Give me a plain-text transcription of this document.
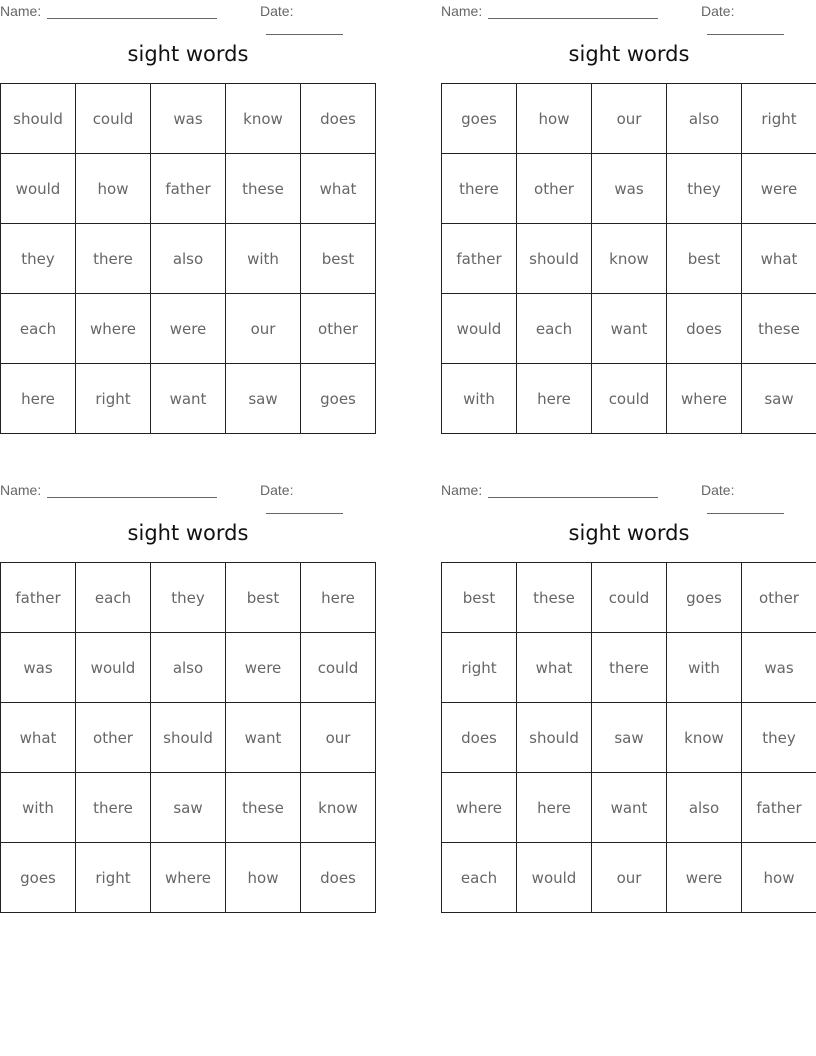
Name:	Date:
sight words
should	could	was	know	does
would	how	father	these	what
they	there	also	with	best
each	where	were	our	other
here	right	want	saw	goes
Name:	Date:
sight words
goes	how	our	also	right
there	other	was	they	were
father	should	know	best	what
would	each	want	does	these
with	here	could	where	saw
Name:	Date:
sight words
father	each	they	best	here
was	would	also	were	could
what	other	should	want	our
with	there	saw	these	know
goes	right	where	how	does
Name:	Date:
sight words
best	these	could	goes	other
right	what	there	with	was
does	should	saw	know	they
where	here	want	also	father
each	would	our	were	how
